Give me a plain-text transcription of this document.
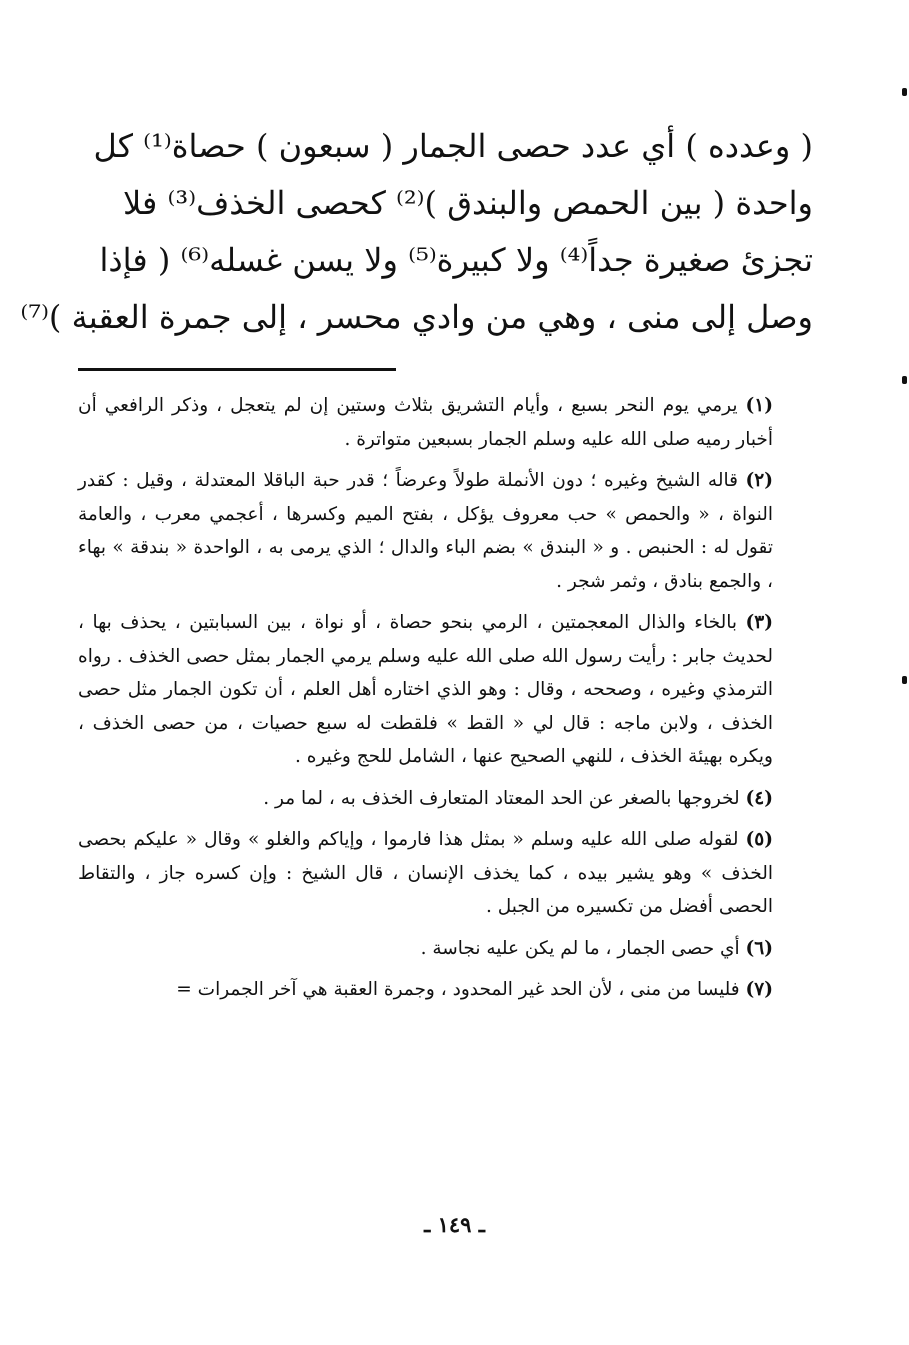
( وعدده ) أي عدد حصى الجمار ( سبعون ) حصاة⁽¹⁾ كل
واحدة ( بين الحمص والبندق )⁽²⁾ كحصى الخذف⁽³⁾ فلا
تجزئ صغيرة جداً⁽⁴⁾ ولا كبيرة⁽⁵⁾ ولا يسن غسله⁽⁶⁾ ( فإذا
وصل إلى منى ، وهي من وادي محسر ، إلى جمرة العقبة )⁽⁷⁾

(١) يرمي يوم النحر بسبع ، وأيام التشريق بثلاث وستين إن لم يتعجل ، وذكر الرافعي أن أخبار رميه صلى الله عليه وسلم الجمار بسبعين متواترة .

(٢) قاله الشيخ وغيره ؛ دون الأنملة طولاً وعرضاً ؛ قدر حبة الباقلا المعتدلة ، وقيل : كقدر النواة ، « والحمص » حب معروف يؤكل ، بفتح الميم وكسرها ، أعجمي معرب ، والعامة تقول له : الحنبص . و « البندق » بضم الباء والدال ؛ الذي يرمى به ، الواحدة « بندقة » بهاء ، والجمع بنادق ، وثمر شجر .

(٣) بالخاء والذال المعجمتين ، الرمي بنحو حصاة ، أو نواة ، بين السبابتين ، يحذف بها ، لحديث جابر : رأيت رسول الله صلى الله عليه وسلم يرمي الجمار بمثل حصى الخذف . رواه الترمذي وغيره ، وصححه ، وقال : وهو الذي اختاره أهل العلم ، أن تكون الجمار مثل حصى الخذف ، ولابن ماجه : قال لي « القط » فلقطت له سبع حصيات ، من حصى الخذف ، ويكره بهيئة الخذف ، للنهي الصحيح عنها ، الشامل للحج وغيره .

(٤) لخروجها بالصغر عن الحد المعتاد المتعارف الخذف به ، لما مر .

(٥) لقوله صلى الله عليه وسلم « بمثل هذا فارموا ، وإياكم والغلو » وقال « عليكم بحصى الخذف » وهو يشير بيده ، كما يخذف الإنسان ، قال الشيخ : وإن كسره جاز ، والتقاط الحصى أفضل من تكسيره من الجبل .

(٦) أي حصى الجمار ، ما لم يكن عليه نجاسة .

(٧) فليسا من منى ، لأن الحد غير المحدود ، وجمرة العقبة هي آخر الجمرات =

ـ ١٤٩ ـ
